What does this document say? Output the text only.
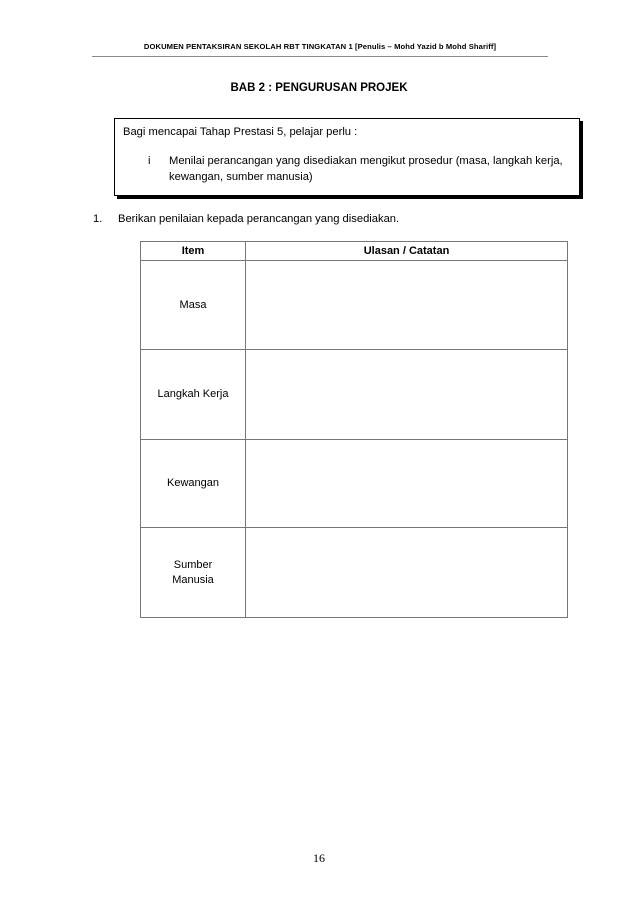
DOKUMEN PENTAKSIRAN SEKOLAH RBT TINGKATAN 1 [Penulis – Mohd Yazid b Mohd Shariff]
BAB 2 : PENGURUSAN PROJEK
Bagi mencapai Tahap Prestasi 5, pelajar perlu :
i Menilai perancangan yang disediakan mengikut prosedur (masa, langkah kerja, kewangan, sumber manusia)
1. Berikan penilaian kepada perancangan yang disediakan.
Item	Ulasan / Catatan
Masa	
Langkah Kerja	
Kewangan	
Sumber Manusia	
16
